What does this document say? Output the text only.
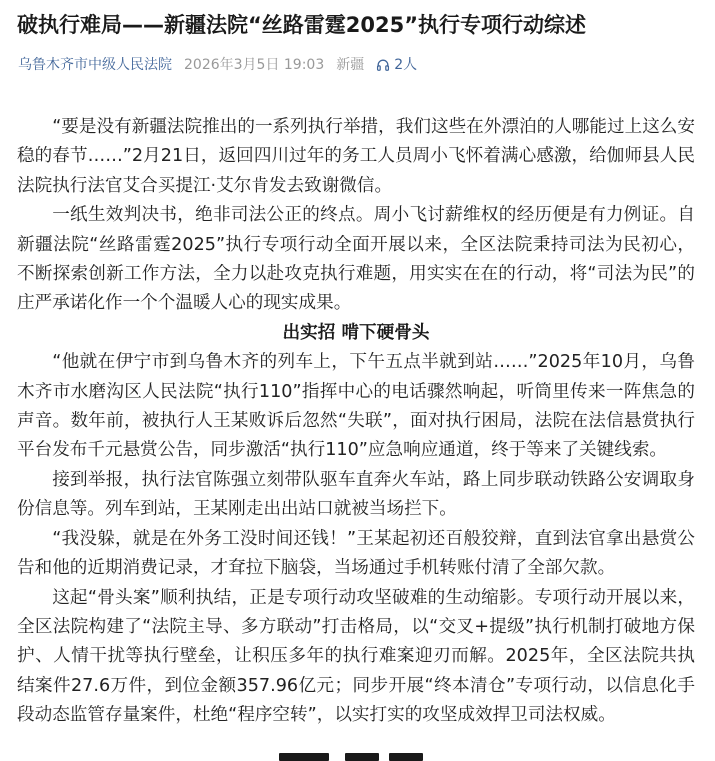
破执行难局——新疆法院“丝路雷霆2025”执行专项行动综述
乌鲁木齐市中级人民法院 2026年3月5日 19:03 新疆 2人

“要是没有新疆法院推出的一系列执行举措，我们这些在外漂泊的人哪能过上这么安稳的春节……”2月21日，返回四川过年的务工人员周小飞怀着满心感激，给伽师县人民法院执行法官艾合买提江·艾尔肯发去致谢微信。

一纸生效判决书，绝非司法公正的终点。周小飞讨薪维权的经历便是有力例证。自新疆法院“丝路雷霆2025”执行专项行动全面开展以来，全区法院秉持司法为民初心，不断探索创新工作方法，全力以赴攻克执行难题，用实实在在的行动，将“司法为民”的庄严承诺化作一个个温暖人心的现实成果。

出实招 啃下硬骨头

“他就在伊宁市到乌鲁木齐的列车上，下午五点半就到站……”2025年10月，乌鲁木齐市水磨沟区人民法院“执行110”指挥中心的电话骤然响起，听筒里传来一阵焦急的声音。数年前，被执行人王某败诉后忽然“失联”，面对执行困局，法院在法信悬赏执行平台发布千元悬赏公告，同步激活“执行110”应急响应通道，终于等来了关键线索。

接到举报，执行法官陈强立刻带队驱车直奔火车站，路上同步联动铁路公安调取身份信息等。列车到站，王某刚走出出站口就被当场拦下。

“我没躲，就是在外务工没时间还钱！”王某起初还百般狡辩，直到法官拿出悬赏公告和他的近期消费记录，才耷拉下脑袋，当场通过手机转账付清了全部欠款。

这起“骨头案”顺利执结，正是专项行动攻坚破难的生动缩影。专项行动开展以来，全区法院构建了“法院主导、多方联动”打击格局，以“交叉+提级”执行机制打破地方保护、人情干扰等执行壁垒，让积压多年的执行难案迎刃而解。2025年，全区法院共执结案件27.6万件，到位金额357.96亿元；同步开展“终本清仓”专项行动，以信息化手段动态监管存量案件，杜绝“程序空转”，以实打实的攻坚成效捍卫司法权威。
